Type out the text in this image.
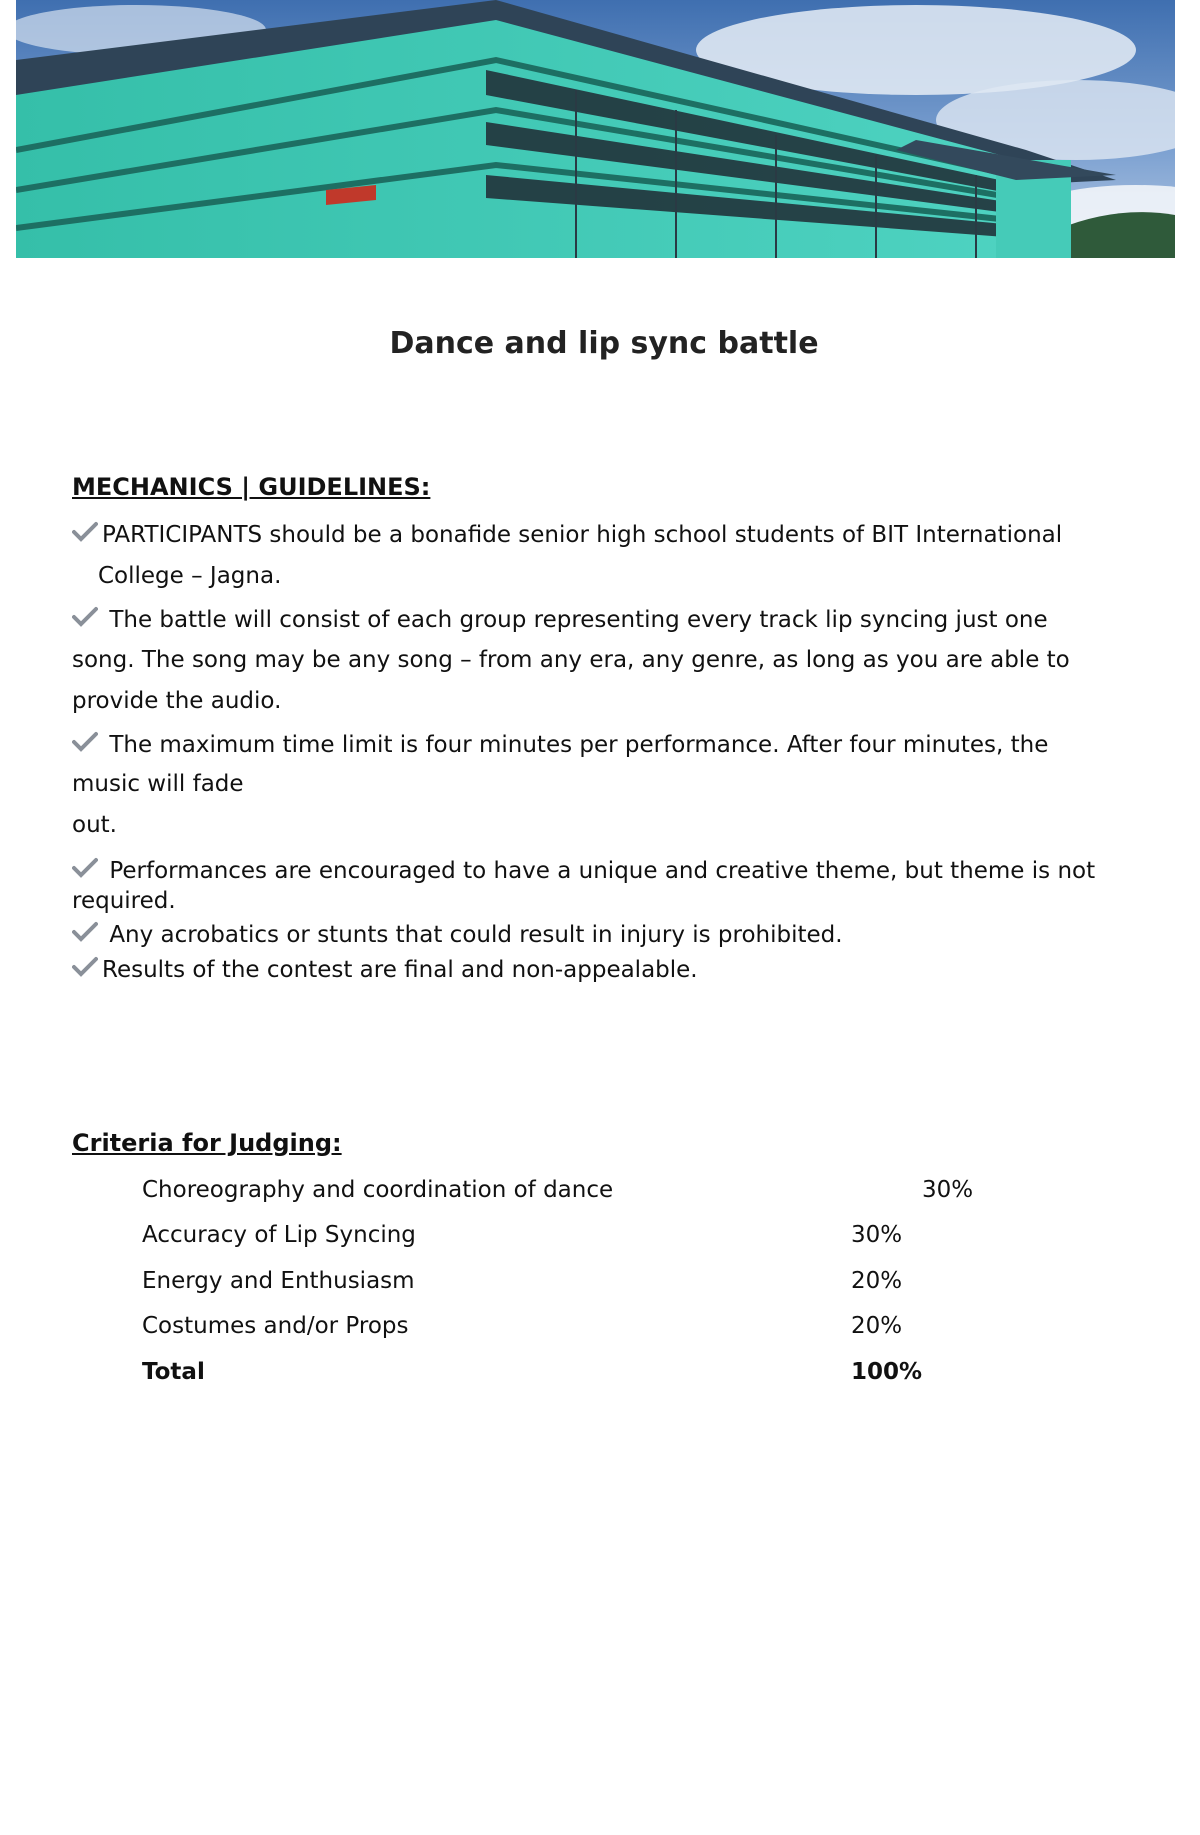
Dance and lip sync battle
MECHANICS | GUIDELINES:
PARTICIPANTS should be a bonafide senior high school students of BIT International
College – Jagna.
The battle will consist of each group representing every track lip syncing just one
song. The song may be any song – from any era, any genre, as long as you are able to
provide the audio.
The maximum time limit is four minutes per performance. After four minutes, the
music will fade
out.
Performances are encouraged to have a unique and creative theme, but theme is not
required.
Any acrobatics or stunts that could result in injury is prohibited.
Results of the contest are final and non-appealable.
Criteria for Judging:
Choreography and coordination of dance	30%
Accuracy of Lip Syncing	30%
Energy and Enthusiasm	20%
Costumes and/or Props	20%
Total	100%
